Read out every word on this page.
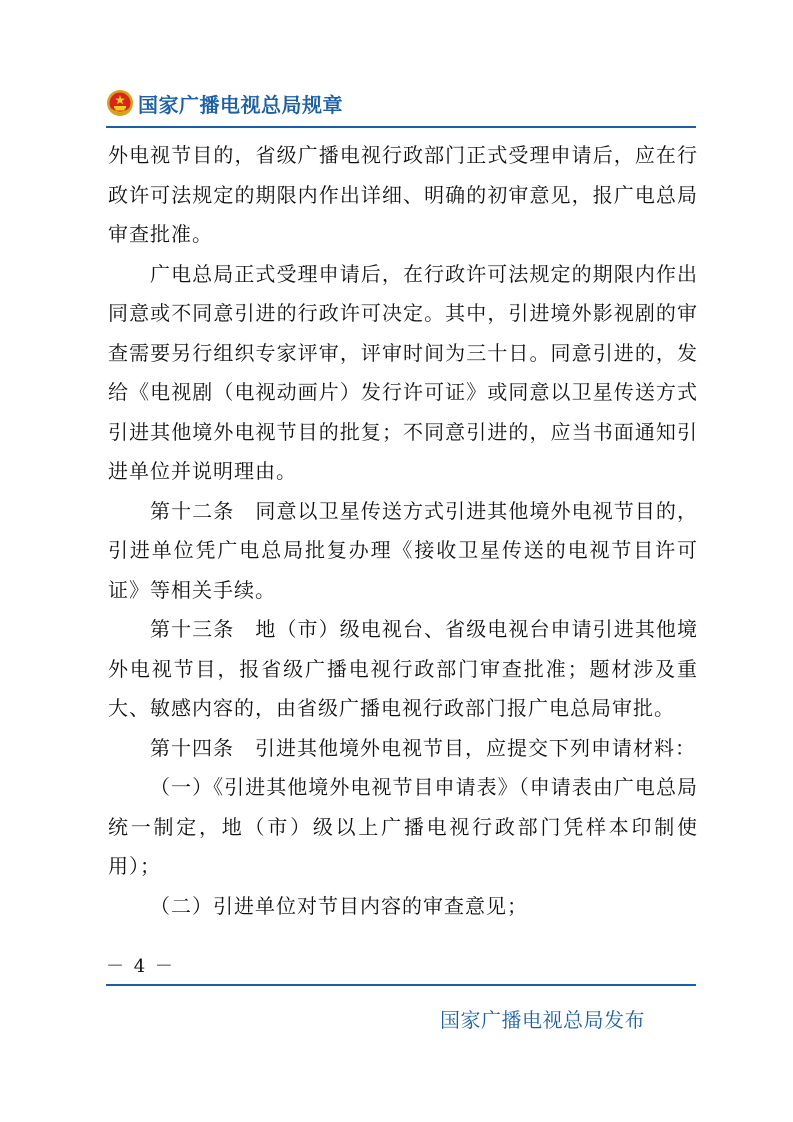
国家广播电视总局规章

外电视节目的，省级广播电视行政部门正式受理申请后，应在行政许可法规定的期限内作出详细、明确的初审意见，报广电总局审查批准。

广电总局正式受理申请后，在行政许可法规定的期限内作出同意或不同意引进的行政许可决定。其中，引进境外影视剧的审查需要另行组织专家评审，评审时间为三十日。同意引进的，发给《电视剧（电视动画片）发行许可证》或同意以卫星传送方式引进其他境外电视节目的批复；不同意引进的，应当书面通知引进单位并说明理由。

第十二条　同意以卫星传送方式引进其他境外电视节目的，引进单位凭广电总局批复办理《接收卫星传送的电视节目许可证》等相关手续。

第十三条　地（市）级电视台、省级电视台申请引进其他境外电视节目，报省级广播电视行政部门审查批准；题材涉及重大、敏感内容的，由省级广播电视行政部门报广电总局审批。

第十四条　引进其他境外电视节目，应提交下列申请材料：

（一）《引进其他境外电视节目申请表》（申请表由广电总局统一制定，地（市）级以上广播电视行政部门凭样本印制使用）；

（二）引进单位对节目内容的审查意见；

－ 4 －
国家广播电视总局发布
